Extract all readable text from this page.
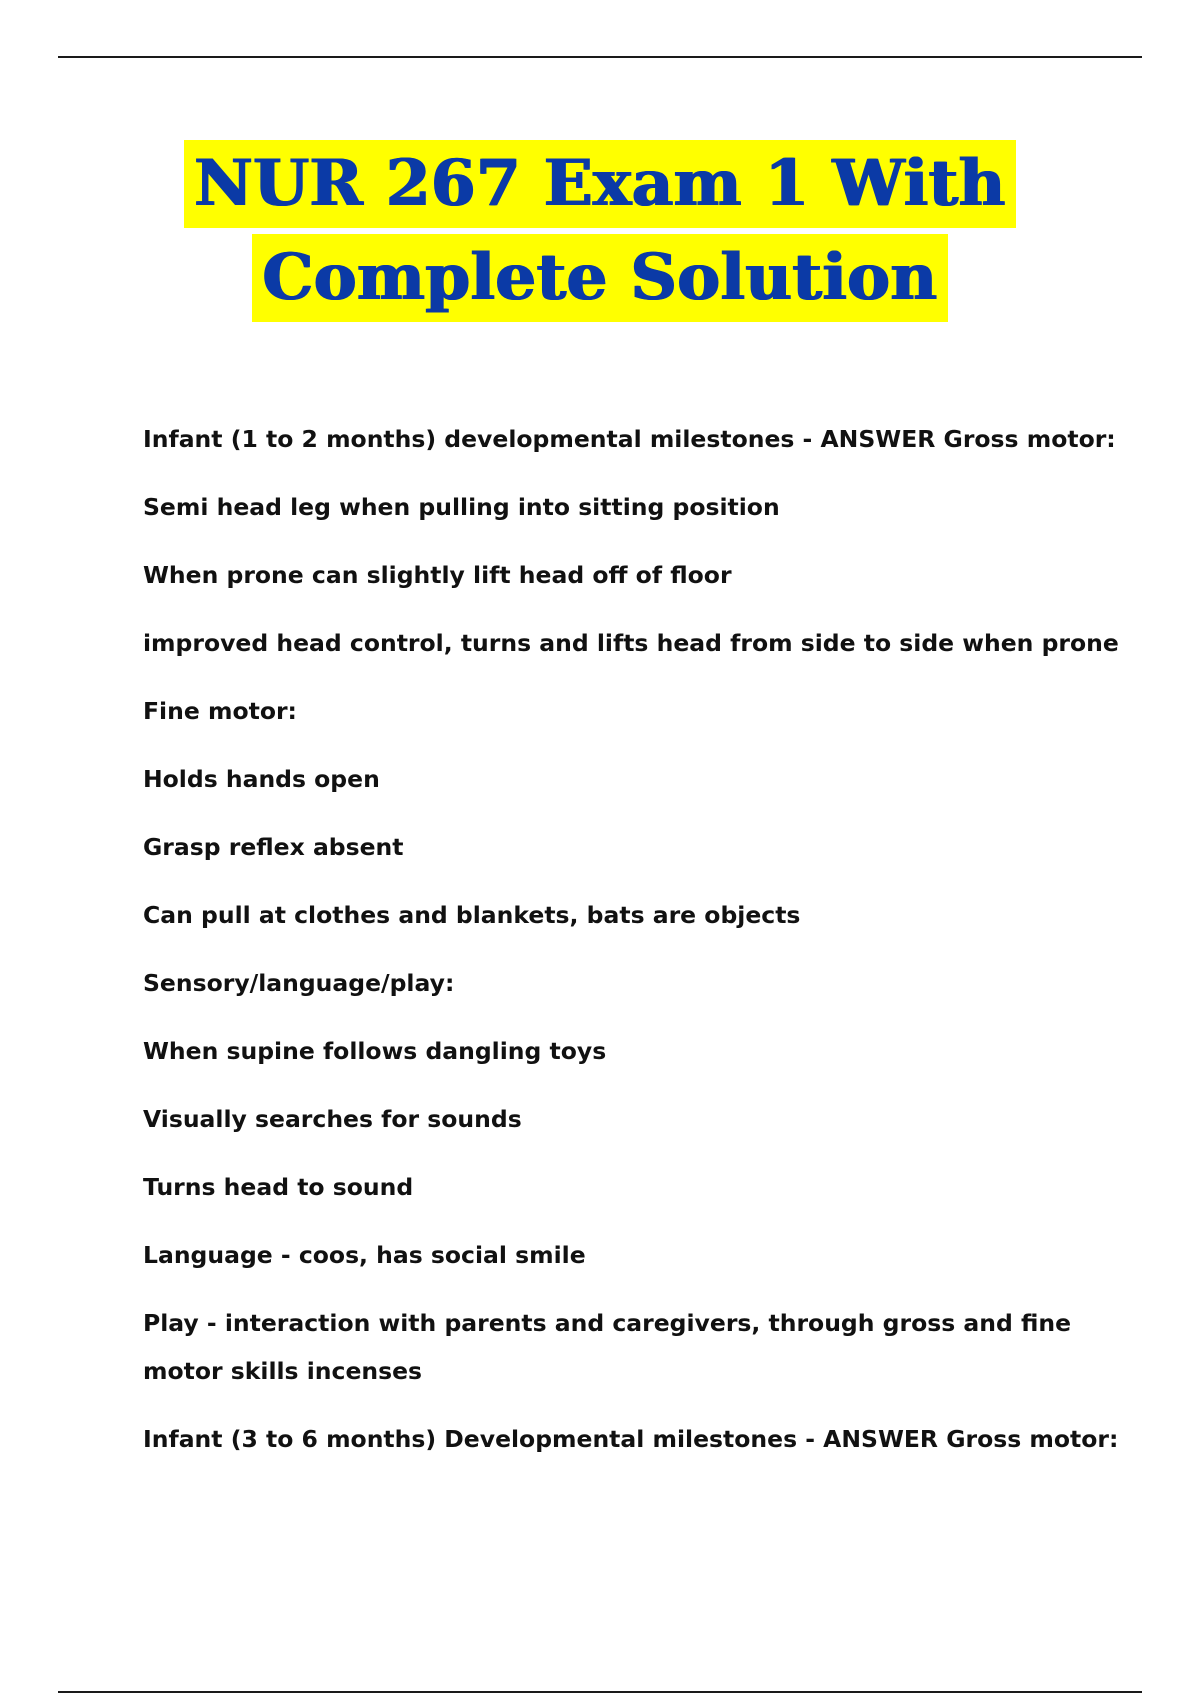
NUR 267 Exam 1 With
Complete Solution
Infant (1 to 2 months) developmental milestones - ANSWER Gross motor:
Semi head leg when pulling into sitting position
When prone can slightly lift head off of floor
improved head control, turns and lifts head from side to side when prone
Fine motor:
Holds hands open
Grasp reflex absent
Can pull at clothes and blankets, bats are objects
Sensory/language/play:
When supine follows dangling toys
Visually searches for sounds
Turns head to sound
Language - coos, has social smile
Play - interaction with parents and caregivers, through gross and fine motor skills incenses
Infant (3 to 6 months) Developmental milestones - ANSWER Gross motor:
